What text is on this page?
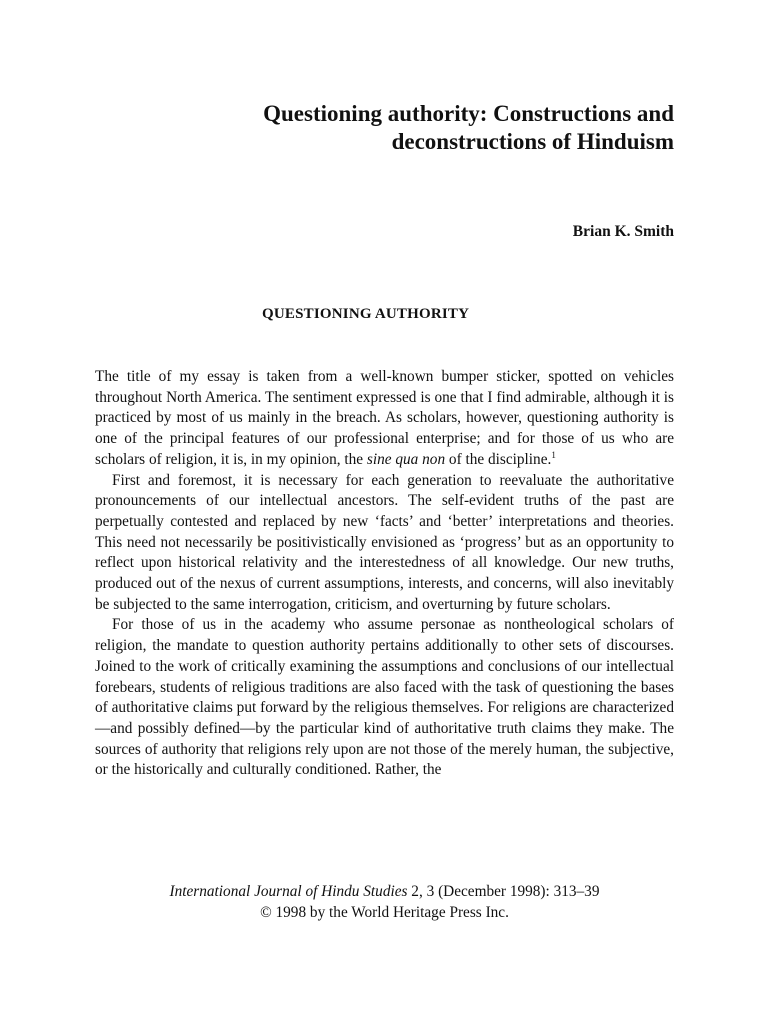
Questioning authority: Constructions and
deconstructions of Hinduism
Brian K. Smith
QUESTIONING AUTHORITY

The title of my essay is taken from a well-known bumper sticker, spotted on vehicles throughout North America. The sentiment expressed is one that I find admirable, although it is practiced by most of us mainly in the breach. As scholars, however, questioning authority is one of the principal features of our professional enterprise; and for those of us who are scholars of religion, it is, in my opinion, the sine qua non of the discipline.$^1$

First and foremost, it is necessary for each generation to reevaluate the authoritative pronouncements of our intellectual ancestors. The self-evident truths of the past are perpetually contested and replaced by new ‘facts’ and ‘better’ interpretations and theories. This need not necessarily be positivistically envisioned as ‘progress’ but as an opportunity to reflect upon historical relativity and the interestedness of all knowledge. Our new truths, produced out of the nexus of current assumptions, interests, and concerns, will also inevitably be subjected to the same interrogation, criticism, and overturning by future scholars.

For those of us in the academy who assume personae as nontheological scholars of religion, the mandate to question authority pertains additionally to other sets of discourses. Joined to the work of critically examining the assumptions and conclusions of our intellectual forebears, students of religious traditions are also faced with the task of questioning the bases of authoritative claims put forward by the religious themselves. For religions are characterized—and possibly defined—by the particular kind of authoritative truth claims they make. The sources of authority that religions rely upon are not those of the merely human, the subjective, or the historically and culturally conditioned. Rather, the

International Journal of Hindu Studies 2, 3 (December 1998): 313–39
© 1998 by the World Heritage Press Inc.
